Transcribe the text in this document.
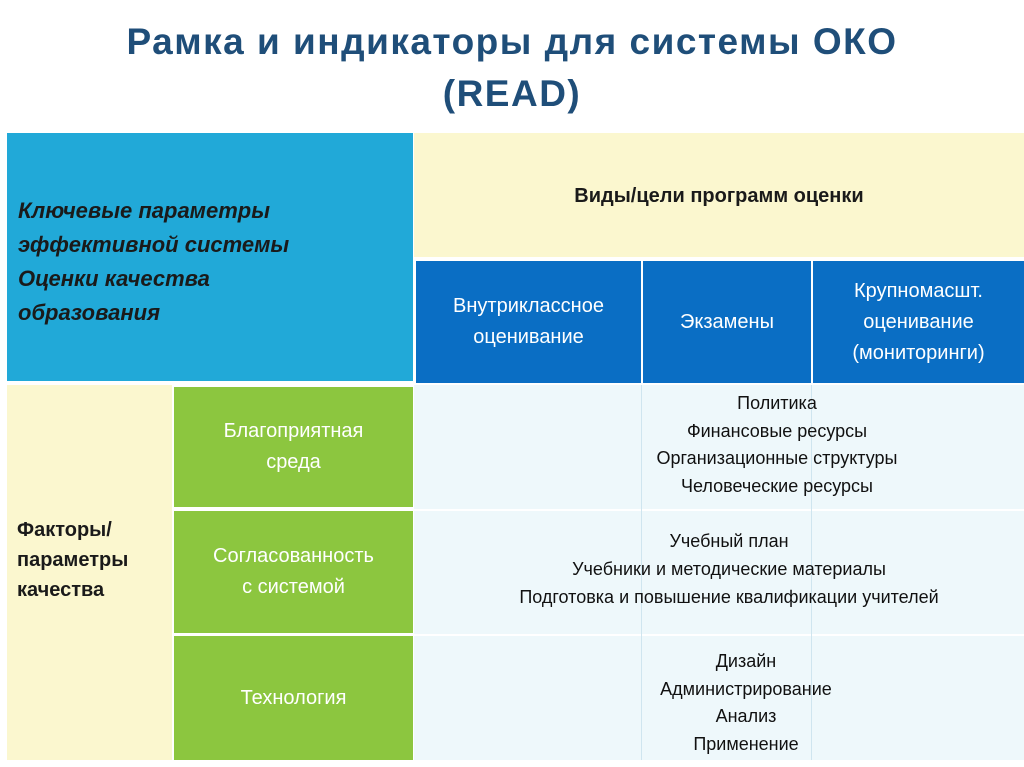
Рамка и индикаторы для системы ОКО
(READ)
Ключевые параметры
эффективной системы
Оценки качества
образования
Виды/цели программ оценки
Внутриклассное
оценивание
Экзамены
Крупномасшт.
оценивание
(мониторинги)
Факторы/
параметры
качества
Благоприятная
среда
Согласованность
с системой
Технология
Политика
Финансовые ресурсы
Организационные структуры
Человеческие ресурсы
Учебный план
Учебники и методические материалы
Подготовка и повышение квалификации учителей
Дизайн
Администрирование
Анализ
Применение
